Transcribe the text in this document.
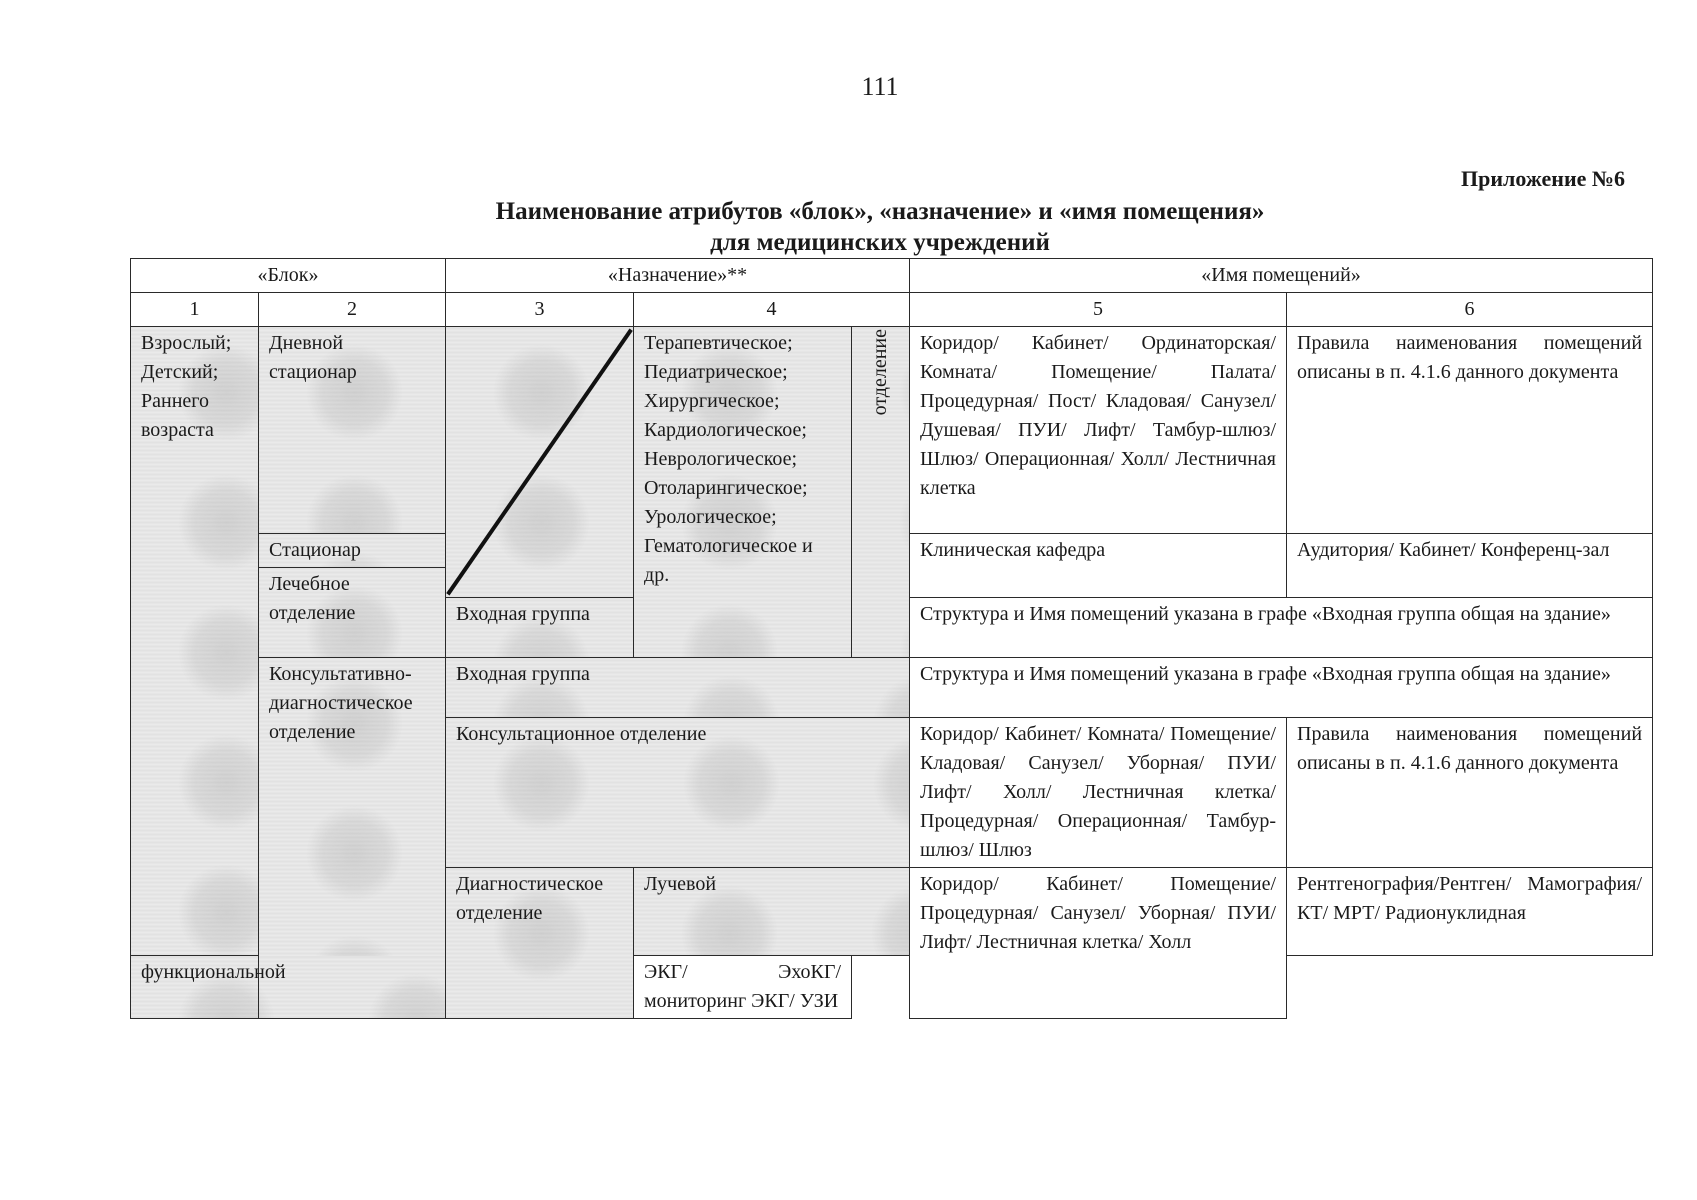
111
Приложение №6
Наименование атрибутов «блок», «назначение» и «имя помещения»
для медицинских учреждений
«Блок»		«Назначение»**			«Имя помещений»	
1	2	3	4		5	6
Взрослый; Детский; Раннего возраста	Дневной стационар		Терапевтическое; Педиатрическое; Хирургическое; Кардиологическое; Неврологическое; Отоларингическое; Урологическое; Гематологическое и др.	отделение	Коридор/ Кабинет/ Ординаторская/ Комната/ Помещение/ Палата/ Процедурная/ Пост/ Кладовая/ Санузел/ Душевая/ ПУИ/ Лифт/ Тамбур-шлюз/ Шлюз/ Операционная/ Холл/ Лестничная клетка	Правила наименования помещений описаны в п. 4.1.6 данного документа
	Стационар				Клиническая кафедра	Аудитория/ Кабинет/ Конференц-зал
	Лечебное отделение					
		Входная группа			Структура и Имя помещений указана в графе «Входная группа общая на здание»	
	Консультативно-диагностическое отделение	Входная группа			Структура и Имя помещений указана в графе «Входная группа общая на здание»	
		Консультационное отделение			Коридор/ Кабинет/ Комната/ Помещение/ Кладовая/ Санузел/ Уборная/ ПУИ/ Лифт/ Холл/ Лестничная клетка/ Процедурная/ Операционная/ Тамбур-шлюз/ Шлюз	Правила наименования помещений описаны в п. 4.1.6 данного документа
		Диагностическое отделение	Лучевой		Коридор/ Кабинет/ Помещение/ Процедурная/ Санузел/ Уборная/ ПУИ/ Лифт/ Лестничная клетка/ Холл	Рентгенография/Рентген/ Мамография/ КТ/ МРТ/ Радионуклидная
функциональной			ЭКГ/ ЭхоКГ/ мониторинг ЭКГ/ УЗИ			
